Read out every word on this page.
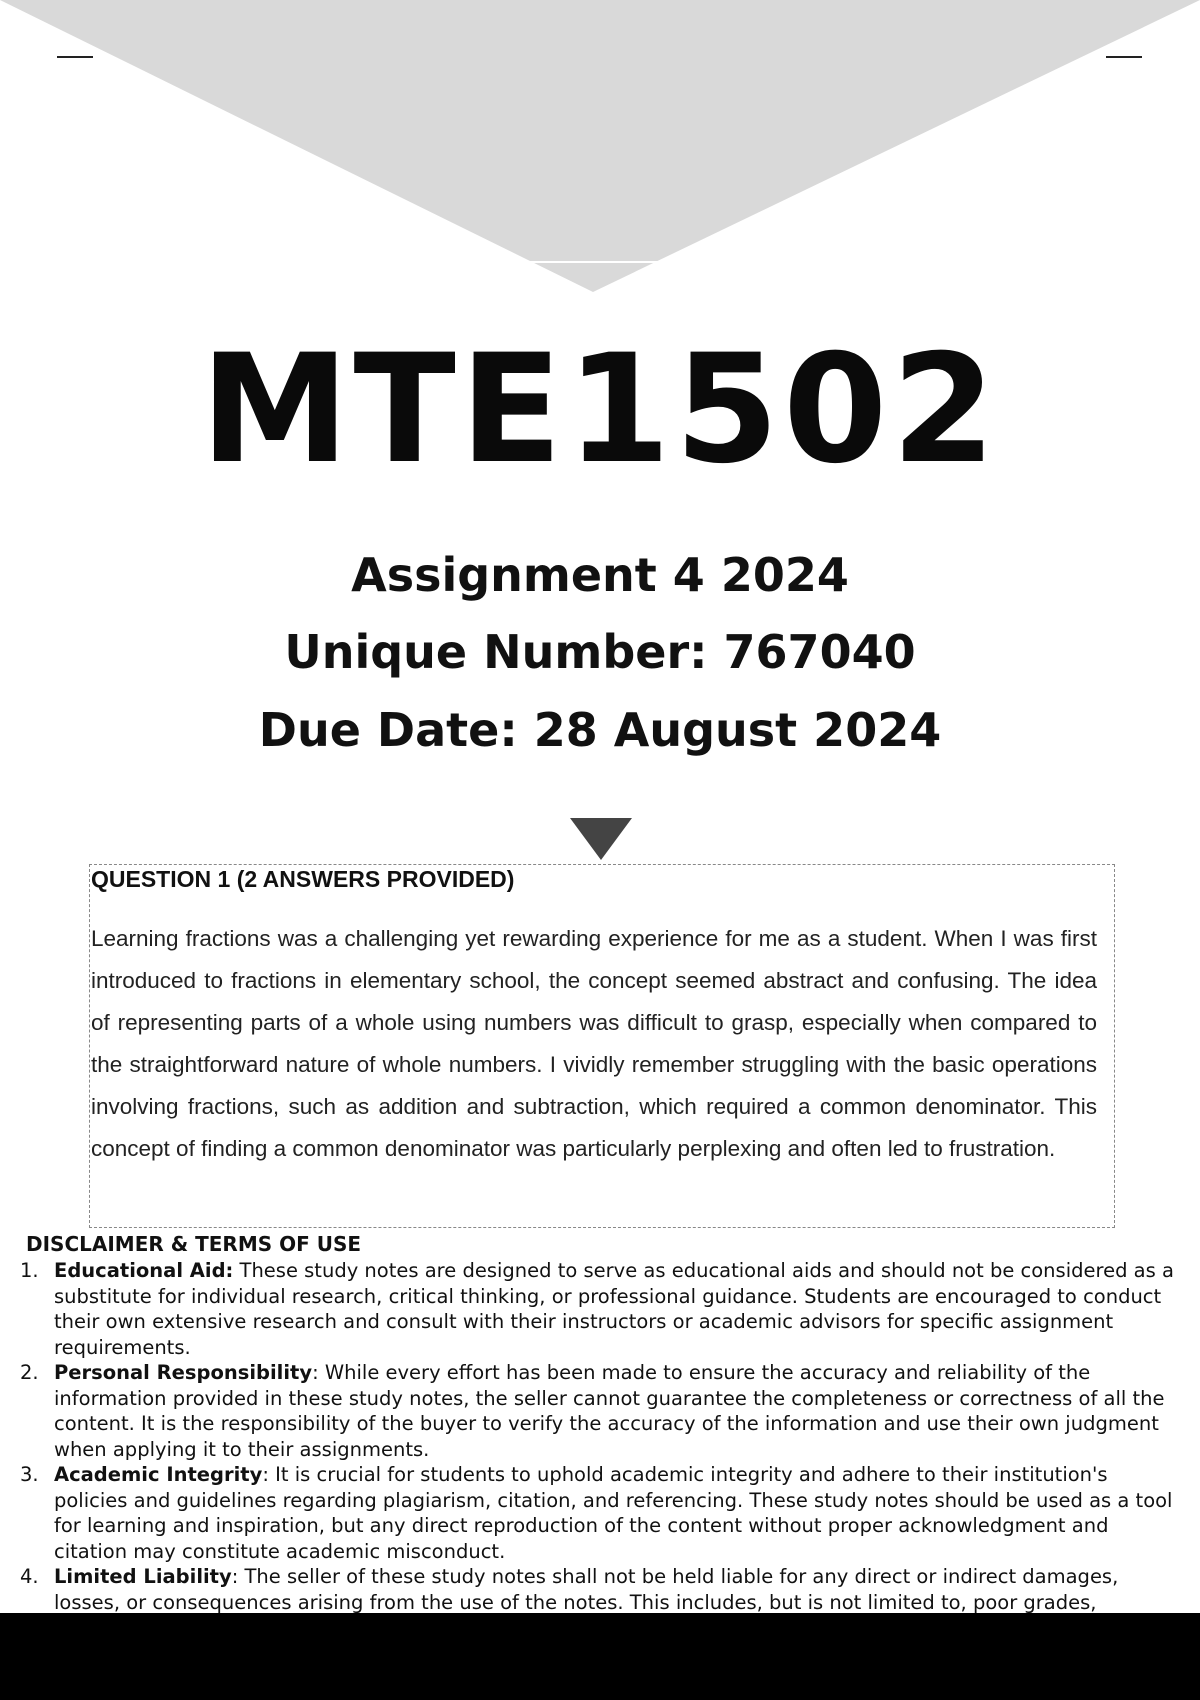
MTE1502
Assignment 4 2024
Unique Number: 767040
Due Date: 28 August 2024
QUESTION 1 (2 ANSWERS PROVIDED)
Learning fractions was a challenging yet rewarding experience for me as a student. When I was first introduced to fractions in elementary school, the concept seemed abstract and confusing. The idea of representing parts of a whole using numbers was difficult to grasp, especially when compared to the straightforward nature of whole numbers. I vividly remember struggling with the basic operations involving fractions, such as addition and subtraction, which required a common denominator. This concept of finding a common denominator was particularly perplexing and often led to frustration.
DISCLAIMER & TERMS OF USE
1. Educational Aid: These study notes are designed to serve as educational aids and should not be considered as a substitute for individual research, critical thinking, or professional guidance. Students are encouraged to conduct their own extensive research and consult with their instructors or academic advisors for specific assignment requirements.
2. Personal Responsibility: While every effort has been made to ensure the accuracy and reliability of the information provided in these study notes, the seller cannot guarantee the completeness or correctness of all the content. It is the responsibility of the buyer to verify the accuracy of the information and use their own judgment when applying it to their assignments.
3. Academic Integrity: It is crucial for students to uphold academic integrity and adhere to their institution's policies and guidelines regarding plagiarism, citation, and referencing. These study notes should be used as a tool for learning and inspiration, but any direct reproduction of the content without proper acknowledgment and citation may constitute academic misconduct.
4. Limited Liability: The seller of these study notes shall not be held liable for any direct or indirect damages, losses, or consequences arising from the use of the notes. This includes, but is not limited to, poor grades,
